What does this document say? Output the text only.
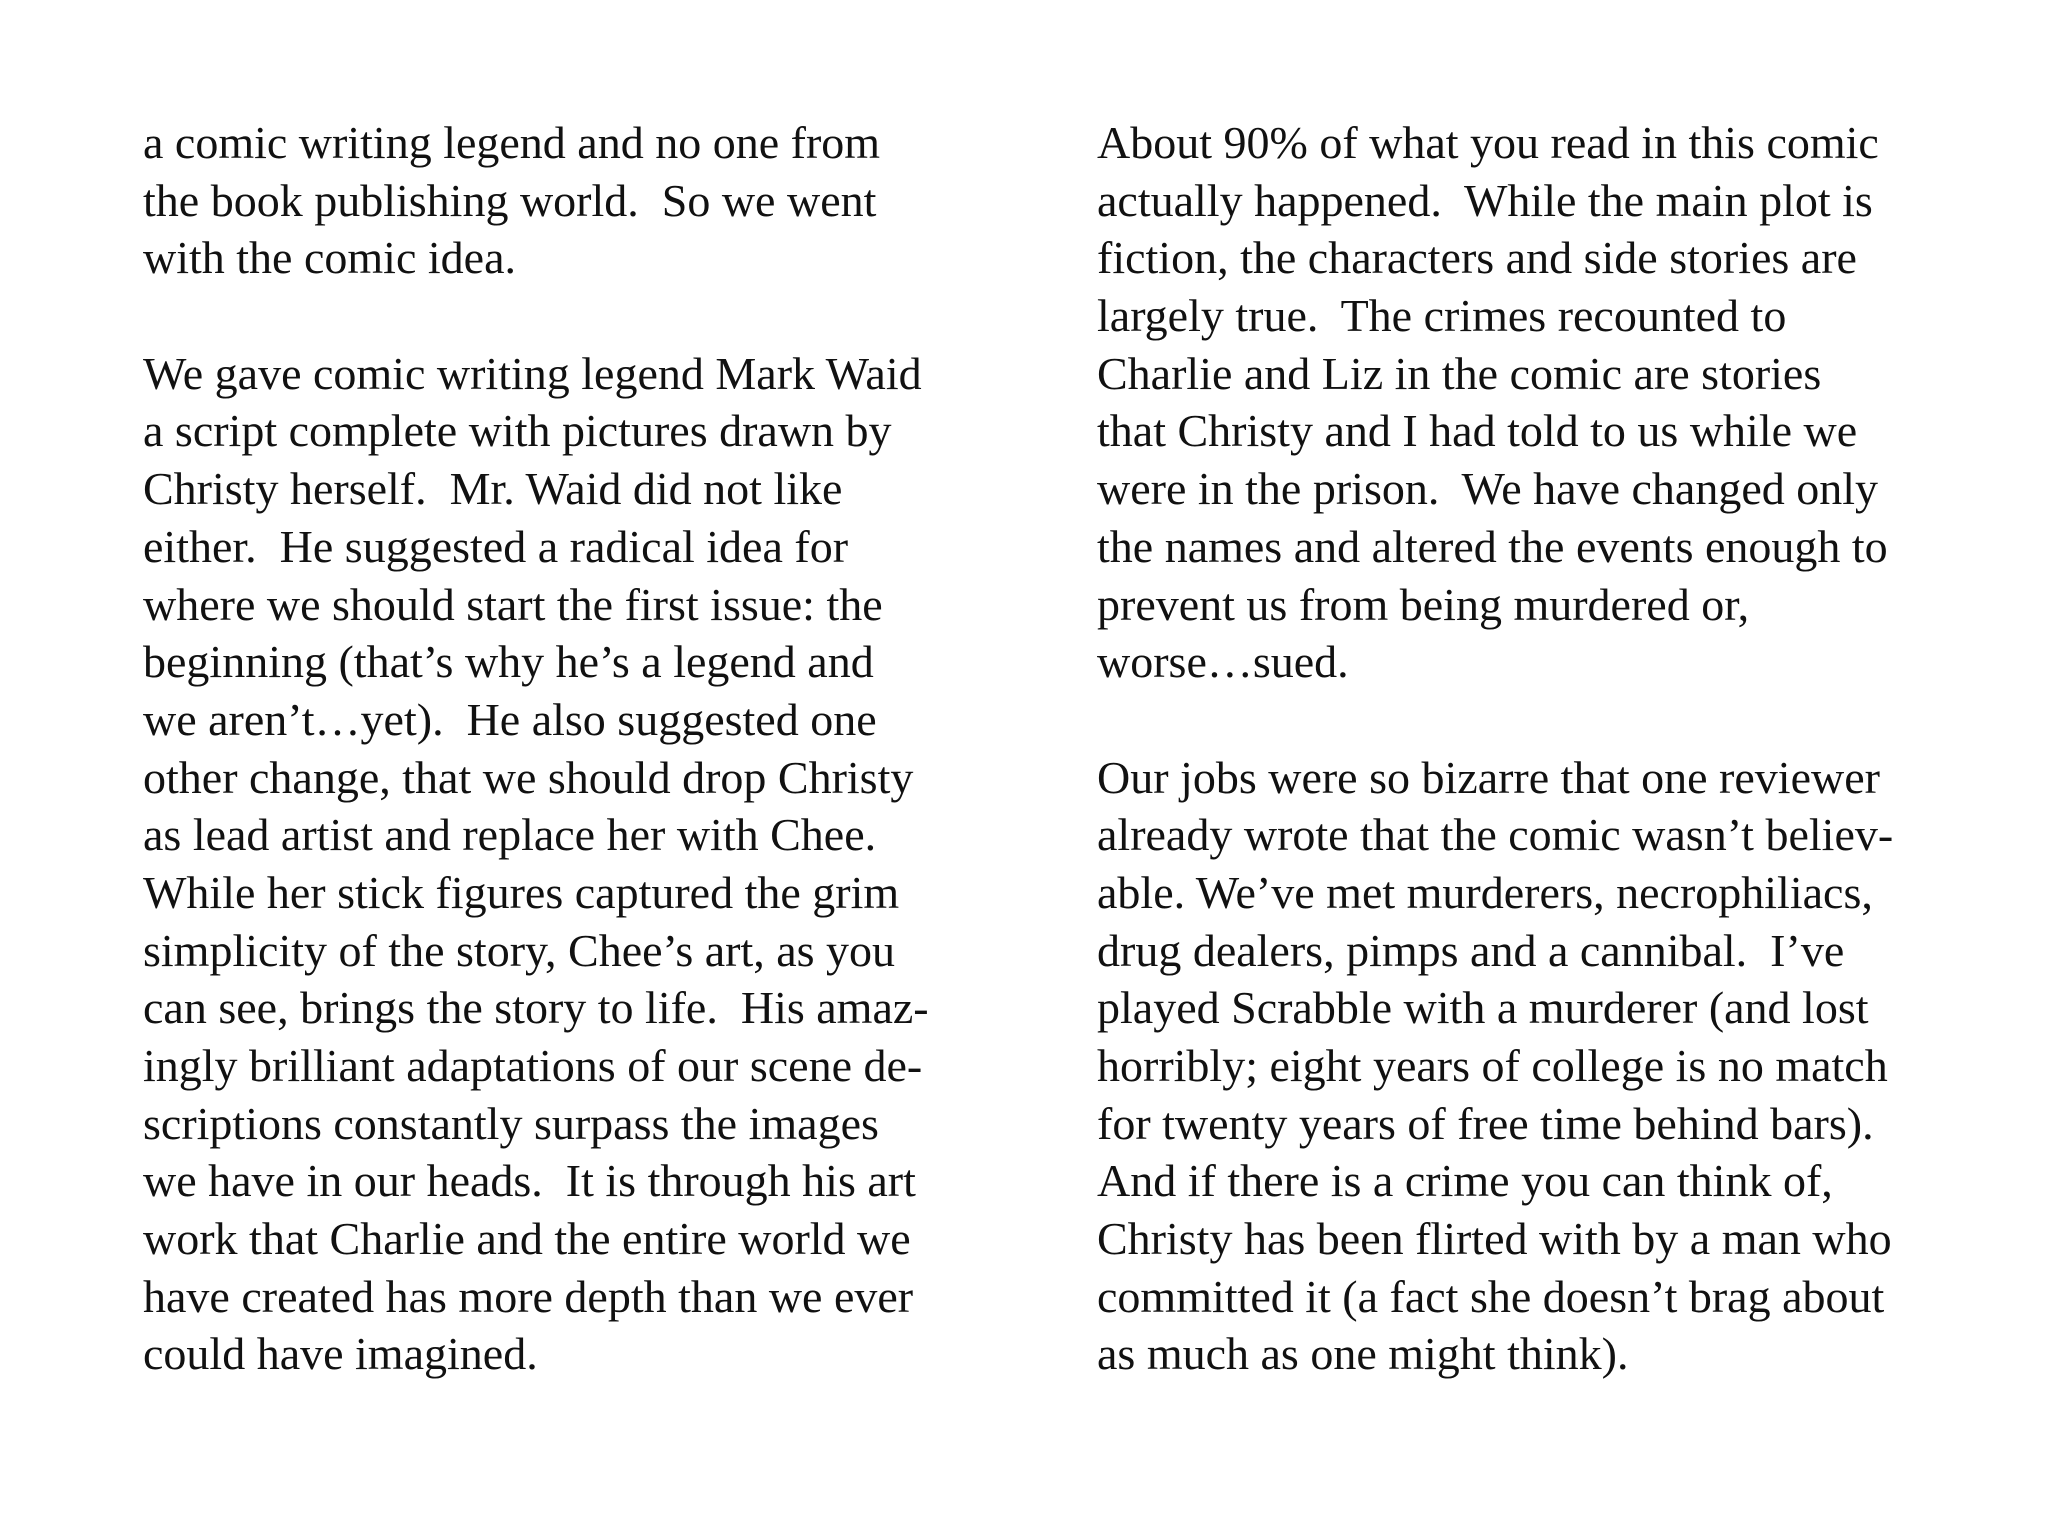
a comic writing legend and no one from
the book publishing world.  So we went
with the comic idea.
We gave comic writing legend Mark Waid
a script complete with pictures drawn by
Christy herself.  Mr. Waid did not like
either.  He suggested a radical idea for
where we should start the first issue: the
beginning (that’s why he’s a legend and
we aren’t…yet).  He also suggested one
other change, that we should drop Christy
as lead artist and replace her with Chee.
While her stick figures captured the grim
simplicity of the story, Chee’s art, as you
can see, brings the story to life.  His amaz-
ingly brilliant adaptations of our scene de-
scriptions constantly surpass the images
we have in our heads.  It is through his art
work that Charlie and the entire world we
have created has more depth than we ever
could have imagined.
About 90% of what you read in this comic
actually happened.  While the main plot is
fiction, the characters and side stories are
largely true.  The crimes recounted to
Charlie and Liz in the comic are stories
that Christy and I had told to us while we
were in the prison.  We have changed only
the names and altered the events enough to
prevent us from being murdered or,
worse…sued.
Our jobs were so bizarre that one reviewer
already wrote that the comic wasn’t believ-
able. We’ve met murderers, necrophiliacs,
drug dealers, pimps and a cannibal.  I’ve
played Scrabble with a murderer (and lost
horribly; eight years of college is no match
for twenty years of free time behind bars).
And if there is a crime you can think of,
Christy has been flirted with by a man who
committed it (a fact she doesn’t brag about
as much as one might think).
